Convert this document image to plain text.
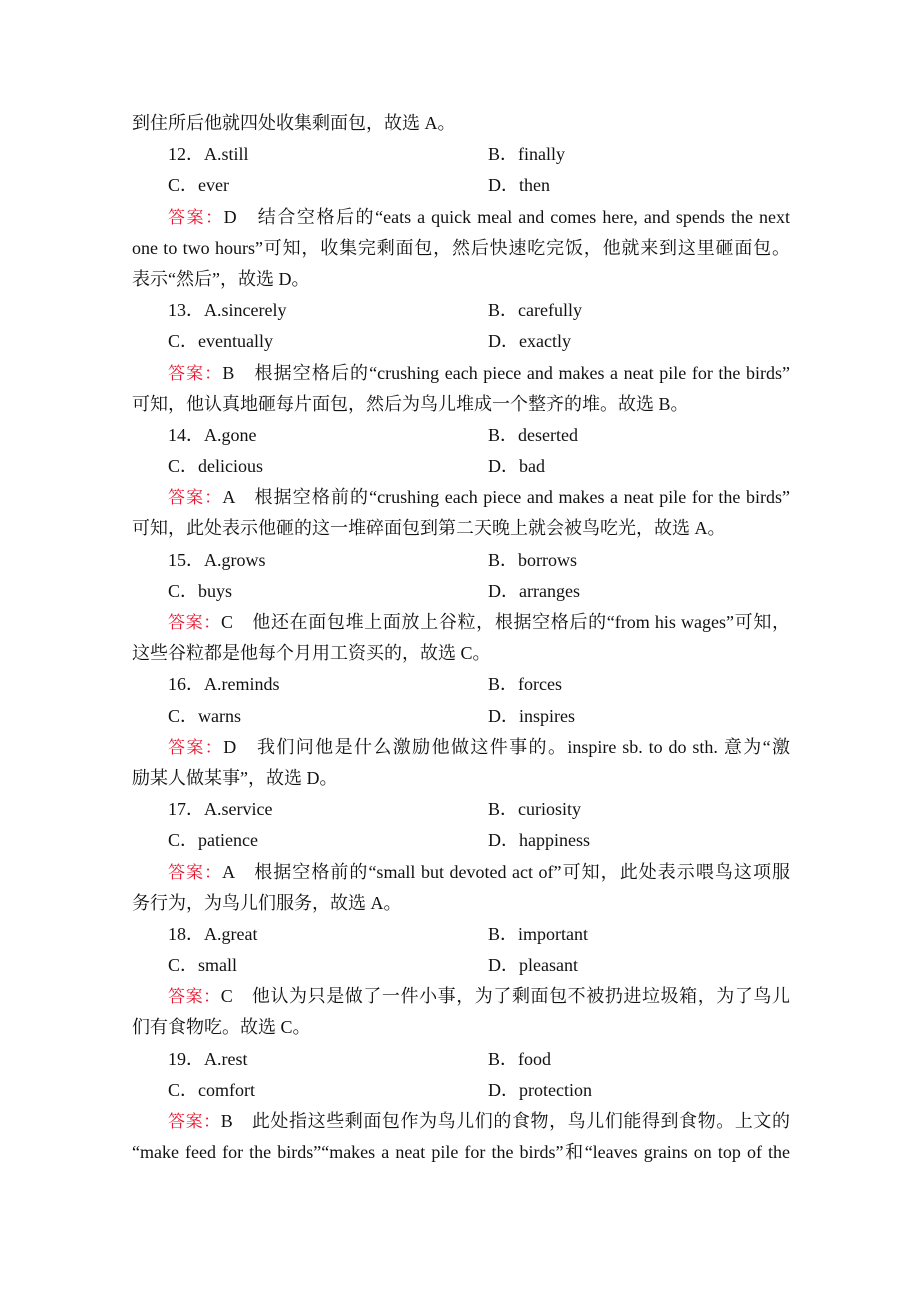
到住所后他就四处收集剩面包，故选 A。
12．A.still	B．finally
C．ever	D．then
答案：D　结合空格后的“eats a quick meal and comes here, and spends the next
one to two hours”可知，收集完剩面包，然后快速吃完饭，他就来到这里砸面包。
表示“然后”，故选 D。
13．A.sincerely	B．carefully
C．eventually	D．exactly
答案：B　根据空格后的“crushing each piece and makes a neat pile for the birds”
可知，他认真地砸每片面包，然后为鸟儿堆成一个整齐的堆。故选 B。
14．A.gone	B．deserted
C．delicious	D．bad
答案：A　根据空格前的“crushing each piece and makes a neat pile for the birds”
可知，此处表示他砸的这一堆碎面包到第二天晚上就会被鸟吃光，故选 A。
15．A.grows	B．borrows
C．buys	D．arranges
答案：C　他还在面包堆上面放上谷粒，根据空格后的“from his wages”可知，
这些谷粒都是他每个月用工资买的，故选 C。
16．A.reminds	B．forces
C．warns	D．inspires
答案：D　我们问他是什么激励他做这件事的。inspire sb. to do sth. 意为“激
励某人做某事”，故选 D。
17．A.service	B．curiosity
C．patience	D．happiness
答案：A　根据空格前的“small but devoted act of”可知，此处表示喂鸟这项服
务行为，为鸟儿们服务，故选 A。
18．A.great	B．important
C．small	D．pleasant
答案：C　他认为只是做了一件小事，为了剩面包不被扔进垃圾箱，为了鸟儿
们有食物吃。故选 C。
19．A.rest	B．food
C．comfort	D．protection
答案：B　此处指这些剩面包作为鸟儿们的食物，鸟儿们能得到食物。上文的
“make feed for the birds”“makes a neat pile for the birds”和“leaves grains on top of the
